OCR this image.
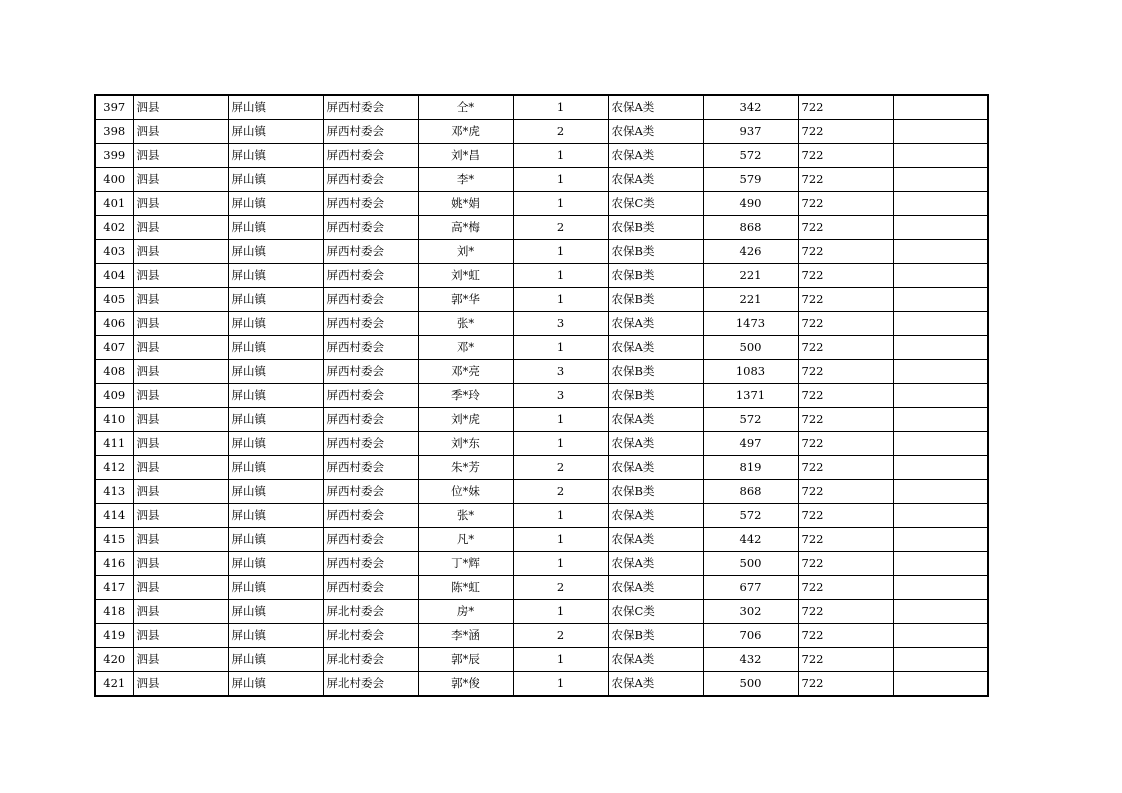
397	泗县	屏山镇	屏西村委会	仝*	1	农保A类	342	722	
398	泗县	屏山镇	屏西村委会	邓*虎	2	农保A类	937	722	
399	泗县	屏山镇	屏西村委会	刘*昌	1	农保A类	572	722	
400	泗县	屏山镇	屏西村委会	李*	1	农保A类	579	722	
401	泗县	屏山镇	屏西村委会	姚*娟	1	农保C类	490	722	
402	泗县	屏山镇	屏西村委会	高*梅	2	农保B类	868	722	
403	泗县	屏山镇	屏西村委会	刘*	1	农保B类	426	722	
404	泗县	屏山镇	屏西村委会	刘*虹	1	农保B类	221	722	
405	泗县	屏山镇	屏西村委会	郭*华	1	农保B类	221	722	
406	泗县	屏山镇	屏西村委会	张*	3	农保A类	1473	722	
407	泗县	屏山镇	屏西村委会	邓*	1	农保A类	500	722	
408	泗县	屏山镇	屏西村委会	邓*亮	3	农保B类	1083	722	
409	泗县	屏山镇	屏西村委会	季*玲	3	农保B类	1371	722	
410	泗县	屏山镇	屏西村委会	刘*虎	1	农保A类	572	722	
411	泗县	屏山镇	屏西村委会	刘*东	1	农保A类	497	722	
412	泗县	屏山镇	屏西村委会	朱*芳	2	农保A类	819	722	
413	泗县	屏山镇	屏西村委会	位*妹	2	农保B类	868	722	
414	泗县	屏山镇	屏西村委会	张*	1	农保A类	572	722	
415	泗县	屏山镇	屏西村委会	凡*	1	农保A类	442	722	
416	泗县	屏山镇	屏西村委会	丁*辉	1	农保A类	500	722	
417	泗县	屏山镇	屏西村委会	陈*虹	2	农保A类	677	722	
418	泗县	屏山镇	屏北村委会	房*	1	农保C类	302	722	
419	泗县	屏山镇	屏北村委会	李*涵	2	农保B类	706	722	
420	泗县	屏山镇	屏北村委会	郭*辰	1	农保A类	432	722	
421	泗县	屏山镇	屏北村委会	郭*俊	1	农保A类	500	722	
